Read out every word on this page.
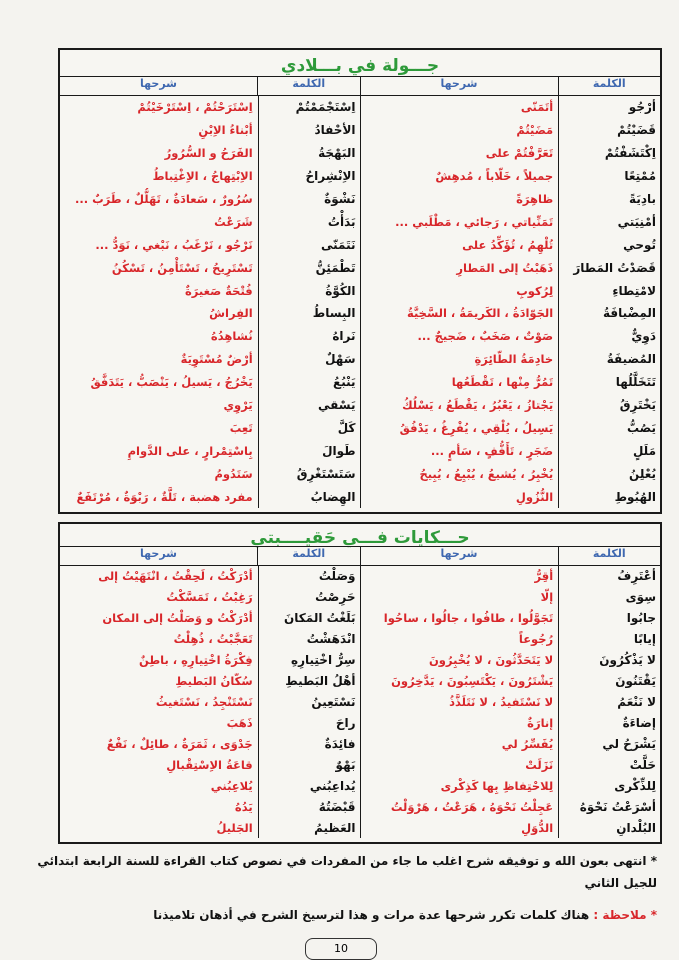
جـــولة في بـــلادي
الكلمة
شرحها
أرْجُو
أتَمَنّى
قَضَيْتُمْ
مَضَيْتُمْ
اِكْتَشَفْتُمْ
تَعَرَّفْتُمْ على
مُمْتِعًا
جميلاً ، خَلّاباً ، مُدهِشٌ
بادِيَةً
ظاهِرَةً
أمْنِيَتي
تَمَنِّياتي ، رَجائي ، مَطْلَبي ...
تُوحي
تُلْهِمُ ، تُؤَكِّدُ على
قَصَدْتُ المَطارَ
ذَهَبْتُ إلى المَطارِ
لامْتِطاءِ
لِرُكوبِ
المِضْيافَةُ
الجَوّادَةُ ، الكَريمَةُ ، السَّخِيَّةُ
دَوِيٌّ
صَوْتٌ ، صَخَبٌ ، ضَجيجٌ ...
المُضيفَةُ
خادِمَةُ الطّائِرَةِ
تَتَخَلَّلُها
تَمُرُّ مِنْها ، تَقْطَعُها
يَخْتَرِقُ
يَجْتازُ ، يَعْبُرُ ، يَقْطَعُ ، يَسْلُكُ
يَصُبُّ
يَسِيلُ ، يُلْقِي ، يُفْرِغُ ، يَدْفُقُ
مَلَلٍ
ضَجَرٍ ، تَأَفُّفٍ ، سَأمٍ ...
يُعْلِنُ
يُخْبِرُ ، يُشيعُ ، يُبْيِعُ ، يُبِيحُ
الهُبُوطِ
النُّزُولِ
الكلمة
شرحها
اِسْتَجْمَمْتُمْ
اِسْتَرَحْتُمْ ، اِسْتَرْخَيْتُمْ
الأحْفادُ
أبْناءُ الاِبْنِ
البَهْجَةُ
الفَرَحُ و السُّرُورُ
الاِنْشِراحُ
الاِبْتِهاجُ ، الاِغْتِباطُ
نَشْوَةٌ
سُرُورٌ ، سَعادَةٌ ، تَهَلُّلٌ ، طَرَبٌ ...
بَدَأْتُ
شَرَعْتُ
نَتَمَنّى
نَرْجُو ، نَرْغَبُ ، نَبْغي ، نَوَدُّ ...
تَطْمَئِنُّ
تَسْتَرِيحُ ، تَسْتَأْمِنُ ، تَسْكُنُ
الكُوَّةُ
فُتْحَةٌ صَغيرَةٌ
البِساطُ
الفِراشُ
نَراهُ
نُشاهِدُهُ
سَهْلٌ
أرْضٌ مُسْتَوِيَةٌ
يَنْبُعُ
يَخْرُجُ ، يَسيلُ ، يَنْصَبُّ ، يَتَدَفَّقُ
يَسْقي
يَرْوِي
كَلَّ
تَعِبَ
طَوالَ
بِاسْتِمْرارٍ ، على الدَّوامِ
سَتَسْتَغْرِقُ
سَتَدُومُ
الهِضابُ
مفرد هضبة ، تَلَّةٌ ، رَبْوَةٌ ، مُرْتَفَعٌ
حـــكايات فـــي حَقيــــبتي
الكلمة
شرحها
أعْتَرِفُ
أقِرُّ
سِوَى
إلّا
جابُوا
تَجَوَّلُوا ، طافُوا ، جالُوا ، ساحُوا
إيابًا
رُجُوعاً
لا يَذْكُرُونَ
لا يَتَحَدَّثُونَ ، لا يُخْبِرُونَ
يَقْتَنُونَ
يَشْتَرُونَ ، يَكْتَسِبُونَ ، يَدَّخِرُونَ
لا نَنْعَمُ
لا نَسْتَفيدُ ، لا نَتَلَذَّذُ
إضاءَةٌ
إنارَةٌ
يَشْرَحُ لي
يُفَسِّرُ لي
حَلَّتْ
نَزَلَتْ
لِلذِّكْرى
لِلاحْتِفاظِ بِها كَذِكْرى
أسْرَعْتُ نَحْوَهُ
عَجِلْتُ نَحْوَهُ ، هَرَعْتُ ، هَرْوَلْتُ
البُلْدانِ
الدُّوَلِ
الكلمة
شرحها
وَصَلْتُ
أدْرَكْتُ ، لَحِقْتُ ، انْتَهَيْتُ إلى
حَرِصْتُ
رَغِبْتُ ، تَمَسَّكْتُ
بَلَغْتُ المَكانَ
أدْرَكْتُ و وَصَلْتُ إلى المكان
انْدَهَشْتُ
تَعَجَّبْتُ ، ذُهِلْتُ
سِرُّ اخْتِيارِهِ
فِكْرَةُ اخْتِيارِهِ ، باطِنٌ
أهْلُ البَطيطِ
سُكّانُ البَطيطِ
نَسْتَعِينُ
نَسْتَنْجِدُ ، نَسْتَغيثُ
راحَ
ذَهَبَ
فائِدَةٌ
جَدْوَى ، ثَمَرَةٌ ، طائِلٌ ، نَفْعٌ
بَهْوٌ
قاعَةُ الاِسْتِقْبالِ
يُداعِبُني
يُلاعِبُني
قَبْضَتُهُ
يَدُهُ
العَظيمُ
الجَليلُ
* انتهى بعون الله و توفيقه شرح اغلب ما جاء من المفردات في نصوص كتاب القراءة للسنة الرابعة ابتدائي للجيل الثاني
* ملاحظة : هناك كلمات تكرر شرحها عدة مرات و هذا لترسيخ الشرح في أذهان تلاميذنا
10
